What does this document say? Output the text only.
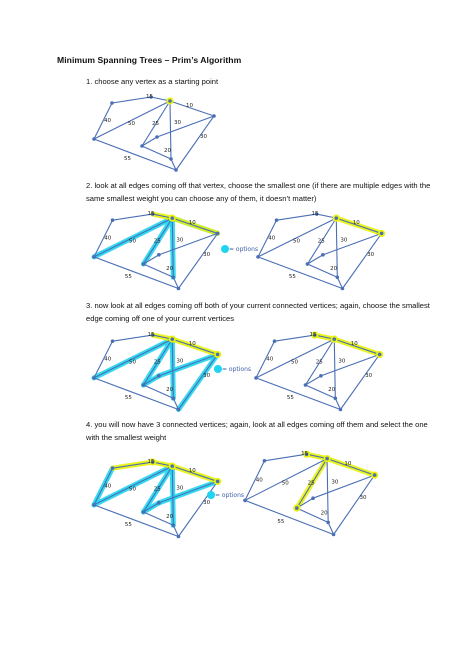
Minimum Spanning Trees – Prim’s Algorithm
1. choose any vertex as a starting point
2. look at all edges coming off that vertex, choose the smallest one (if there are multiple edges with the same smallest weight you can choose any of them, it doesn’t matter)
3. now look at all edges coming off both of your current connected vertices; again, choose the smallest edge coming off one of your current vertices
4. you will now have 3 connected vertices; again, look at all edges coming off them and select the one with the smallest weight
15
10
40	50	25	30
30
20
55
15
10
40
50	25	30
30
20
55
15
10
40
50	25	30
30
20
55
15
10
40
50	25	30
30
20
55
15
10
40
50	25	30
30
20
55
15
10
40
50	25	30
30
20
55
15
10
40
50	25	30
30
20
55
= options
= options
= options
